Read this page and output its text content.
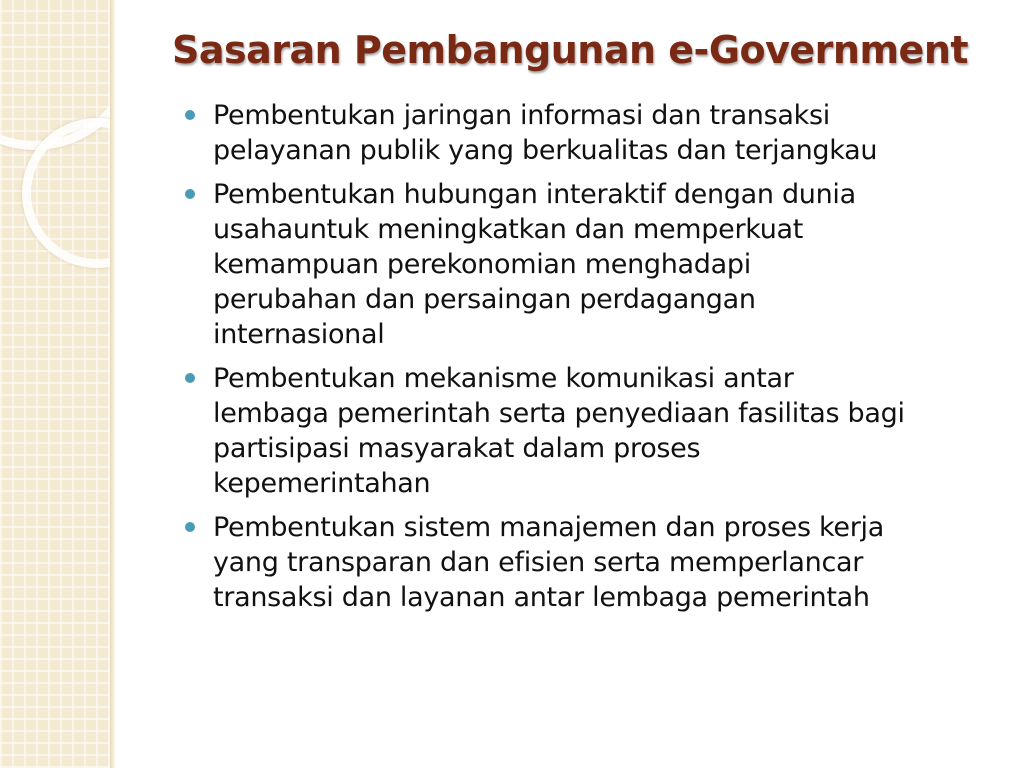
Sasaran Pembangunan e-Government
Pembentukan jaringan informasi dan transaksi
pelayanan publik yang berkualitas dan terjangkau
Pembentukan hubungan interaktif dengan dunia
usahauntuk meningkatkan dan memperkuat
kemampuan perekonomian menghadapi
perubahan dan persaingan perdagangan
internasional
Pembentukan mekanisme komunikasi antar
lembaga pemerintah serta penyediaan fasilitas bagi
partisipasi masyarakat dalam proses
kepemerintahan
Pembentukan sistem manajemen dan proses kerja
yang transparan dan efisien serta memperlancar
transaksi dan layanan antar lembaga pemerintah
